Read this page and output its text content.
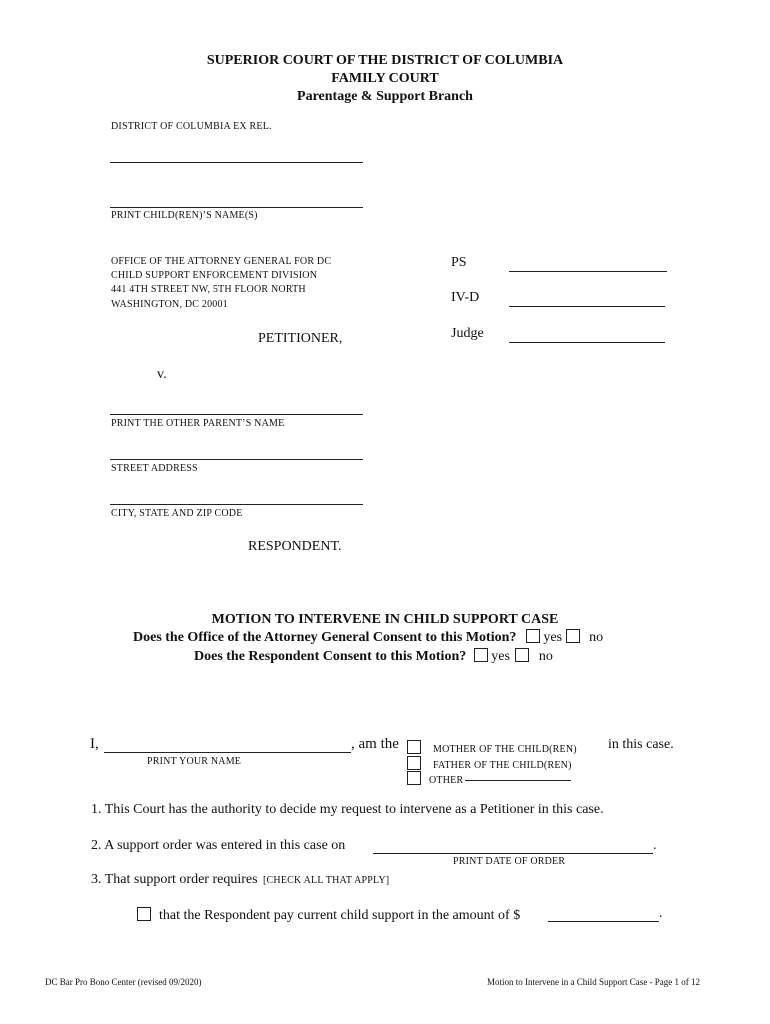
SUPERIOR COURT OF THE DISTRICT OF COLUMBIA
FAMILY COURT
Parentage & Support Branch
DISTRICT OF COLUMBIA EX REL.
PRINT CHILD(REN)’S NAME(S)
OFFICE OF THE ATTORNEY GENERAL FOR DC
CHILD SUPPORT ENFORCEMENT DIVISION
441 4TH STREET NW, 5TH FLOOR NORTH
WASHINGTON, DC 20001
PETITIONER,
v.
PRINT THE OTHER PARENT’S NAME
STREET ADDRESS
CITY, STATE AND ZIP CODE
RESPONDENT.
PS
IV-D
Judge
MOTION TO INTERVENE IN CHILD SUPPORT CASE
Does the Office of the Attorney General Consent to this Motion? yes no
Does the Respondent Consent to this Motion? yes no
I,	, am the
PRINT YOUR NAME
MOTHER OF THE CHILD(REN)
FATHER OF THE CHILD(REN)
OTHER
in this case.
1. This Court has the authority to decide my request to intervene as a Petitioner in this case.
2. A support order was entered in this case on	.
PRINT DATE OF ORDER
3. That support order requires [CHECK ALL THAT APPLY]
that the Respondent pay current child support in the amount of $	.
DC Bar Pro Bono Center (revised 09/2020)	Motion to Intervene in a Child Support Case - Page 1 of 12
